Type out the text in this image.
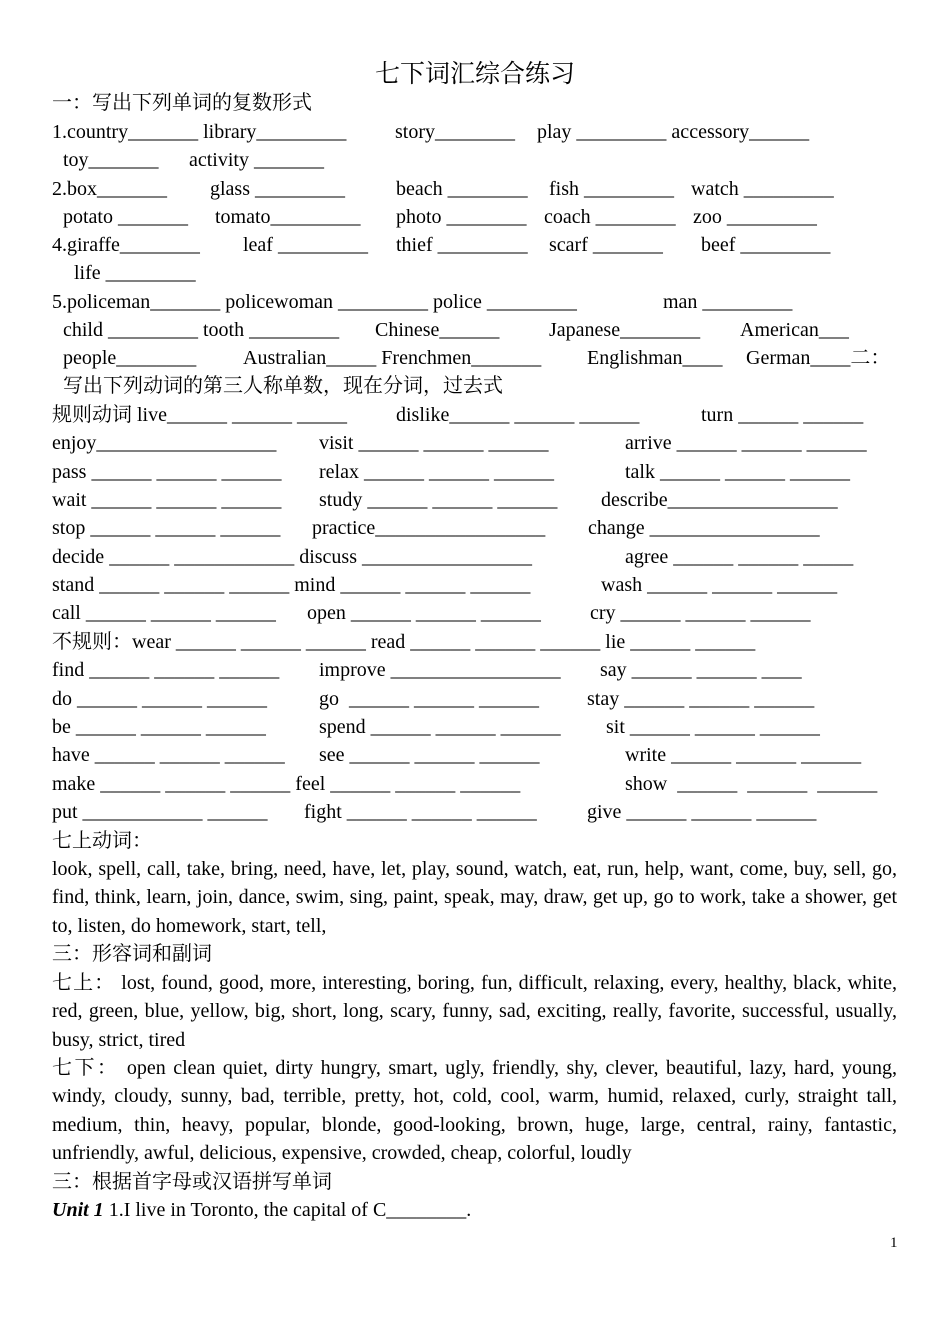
七下词汇综合练习
一：写出下列单词的复数形式
1.country_______ library_________ story________ play _________ accessory______
toy_______ activity _______
2.box_______ glass _________	beach ________ fish _________ watch _________
potato _______ tomato_________ photo ________ coach ________ zoo _________
4.giraffe________ leaf _________ thief _________ scarf _______ beef _________
life _________
5.policeman_______ policewoman _________ police _________	man _________
child _________ tooth _________ Chinese______ Japanese________ American___
people________ Australian_____ Frenchmen_______ Englishman____ German____二：
写出下列动词的第三人称单数，现在分词，过去式
规则动词 live______ ______ _____ dislike______ ______ ______	turn ______ ______
enjoy__________________ visit ______ ______ ______	arrive ______ ______ ______
pass ______ ______ ______ relax ______ ______ ______	talk ______ ______ ______
wait ______ ______ ______ study ______ ______ ______ describe_________________
stop ______ ______ ______ practice_________________ change _________________
decide ______ ____________ discuss _________________	agree ______ ______ _____
stand ______ ______ ______ mind ______ ______ ______	wash ______ ______ ______
call ______ ______ ______ open ______ ______ ______ cry ______ ______ ______
不规则：wear ______ ______ ______ read ______ ______ ______ lie ______ ______
find ______ ______ ______ improve _________________ say ______ ______ ____
do ______ ______ ______	go  ______ ______ ______ stay ______ ______ ______
be ______ ______ ______	spend ______ ______ ______ sit ______ ______ ______
have ______ ______ ______ see ______ ______ ______	write ______ ______ ______
make ______ ______ ______ feel ______ ______ ______	show  ______  ______  ______
put ____________ ______ fight ______ ______ ______	give ______ ______ ______
七上动词：
look, spell, call, take, bring, need, have, let, play, sound, watch, eat, run, help, want, come, buy, sell, go, find, think, learn, join, dance, swim, sing, paint, speak, may, draw, get up, go to work, take a shower, get to, listen, do homework, start, tell,
三：形容词和副词
七上： lost, found, good, more, interesting, boring, fun, difficult, relaxing, every, healthy, black, white, red, green, blue, yellow, big, short, long, scary, funny, sad, exciting, really, favorite, successful, usually, busy, strict, tired
七下： open clean quiet, dirty hungry, smart, ugly, friendly, shy, clever, beautiful, lazy, hard, young, windy, cloudy, sunny, bad, terrible, pretty, hot, cold, cool, warm, humid, relaxed, curly, straight tall, medium, thin, heavy, popular, blonde, good-looking, brown, huge, large, central, rainy, fantastic, unfriendly, awful, delicious, expensive, crowded, cheap, colorful, loudly
三：根据首字母或汉语拼写单词
Unit 1 1.I live in Toronto, the capital of C________.
1
